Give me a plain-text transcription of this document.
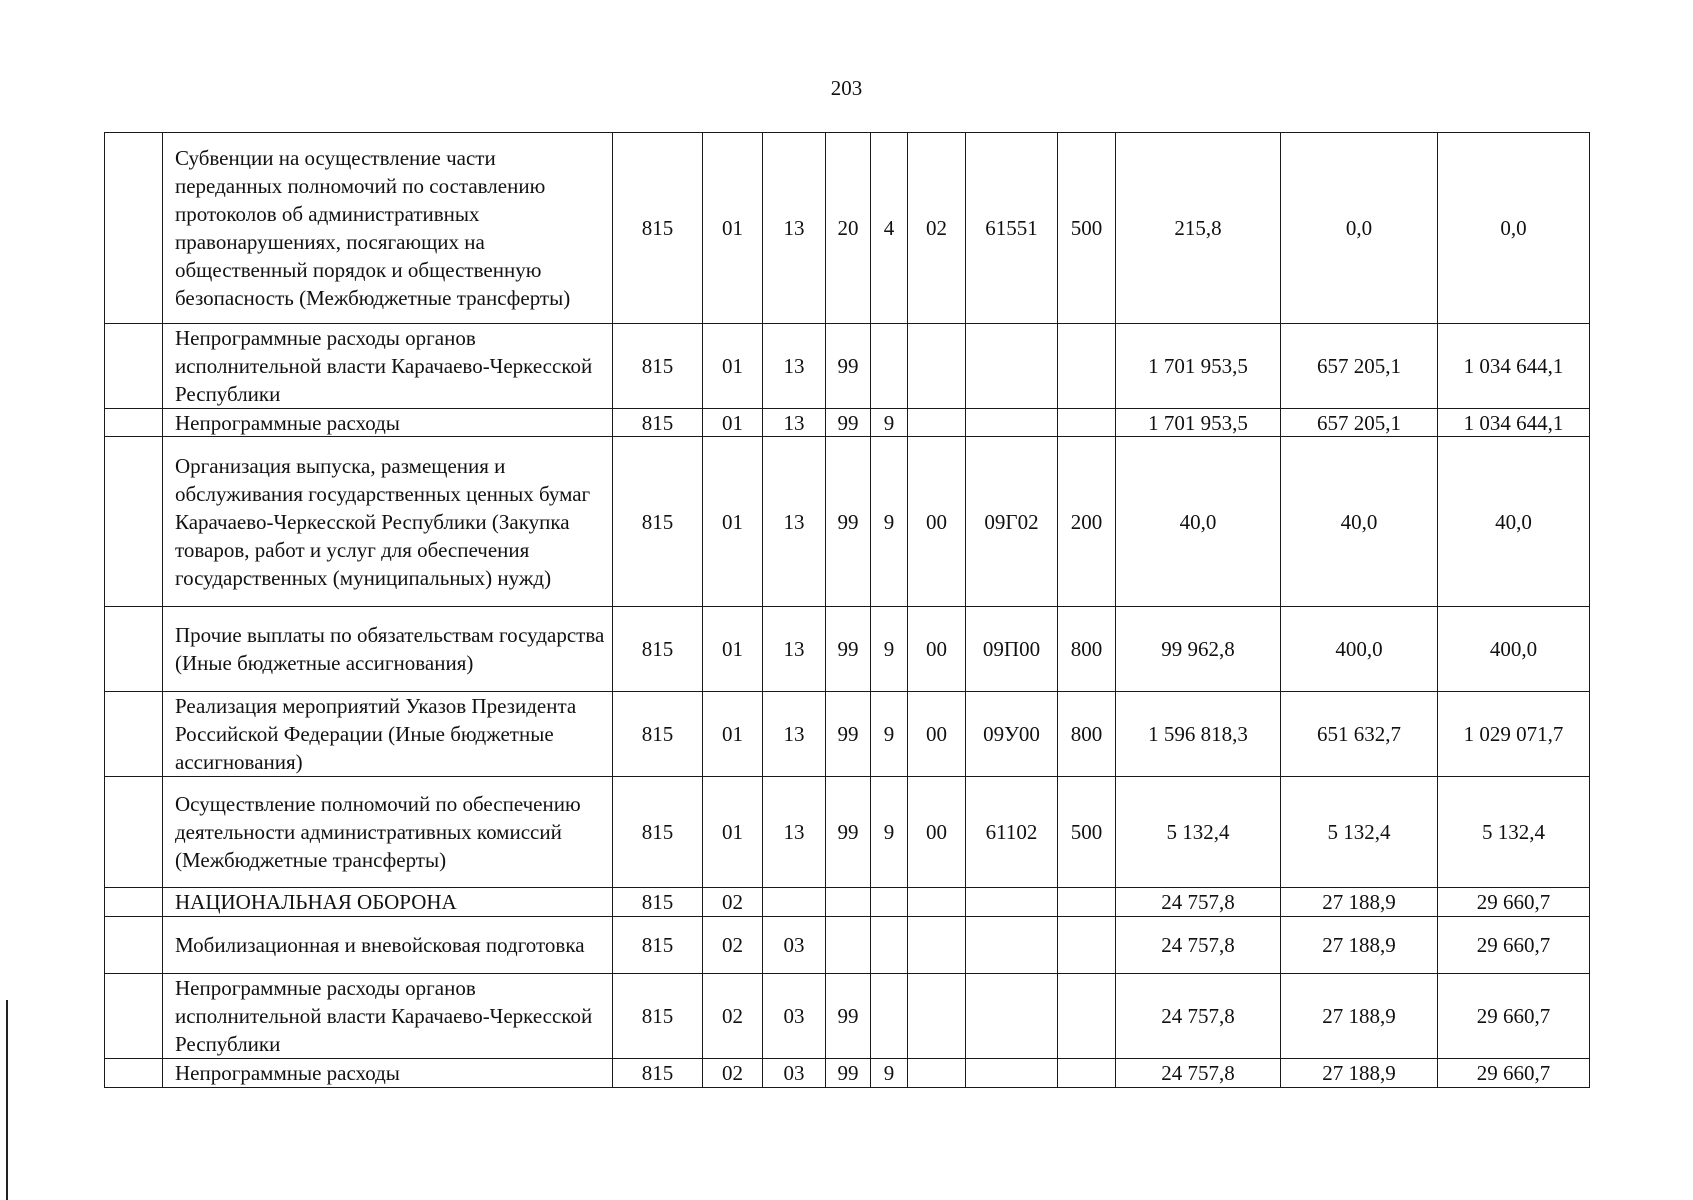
203
	Субвенции на осуществление части переданных полномочий по составлению протоколов об административных правонарушениях, посягающих на общественный порядок и общественную безопасность (Межбюджетные трансферты)	815	01	13	20	4	02	61551	500	215,8	0,0	0,0
	Непрограммные расходы органов исполнительной власти Карачаево-Черкесской Республики	815	01	13	99					1 701 953,5	657 205,1	1 034 644,1
	Непрограммные расходы	815	01	13	99	9				1 701 953,5	657 205,1	1 034 644,1
	Организация выпуска, размещения и обслуживания государственных ценных бумаг Карачаево-Черкесской Республики (Закупка товаров, работ и услуг для обеспечения государственных (муниципальных) нужд)	815	01	13	99	9	00	09Г02	200	40,0	40,0	40,0
	Прочие выплаты по обязательствам государства (Иные бюджетные ассигнования)	815	01	13	99	9	00	09П00	800	99 962,8	400,0	400,0
	Реализация мероприятий Указов Президента Российской Федерации (Иные бюджетные ассигнования)	815	01	13	99	9	00	09У00	800	1 596 818,3	651 632,7	1 029 071,7
	Осуществление полномочий по обеспечению деятельности административных комиссий (Межбюджетные трансферты)	815	01	13	99	9	00	61102	500	5 132,4	5 132,4	5 132,4
	НАЦИОНАЛЬНАЯ ОБОРОНА	815	02							24 757,8	27 188,9	29 660,7
	Мобилизационная и вневойсковая подготовка	815	02	03						24 757,8	27 188,9	29 660,7
	Непрограммные расходы органов исполнительной власти Карачаево-Черкесской Республики	815	02	03	99					24 757,8	27 188,9	29 660,7
	Непрограммные расходы	815	02	03	99	9				24 757,8	27 188,9	29 660,7
